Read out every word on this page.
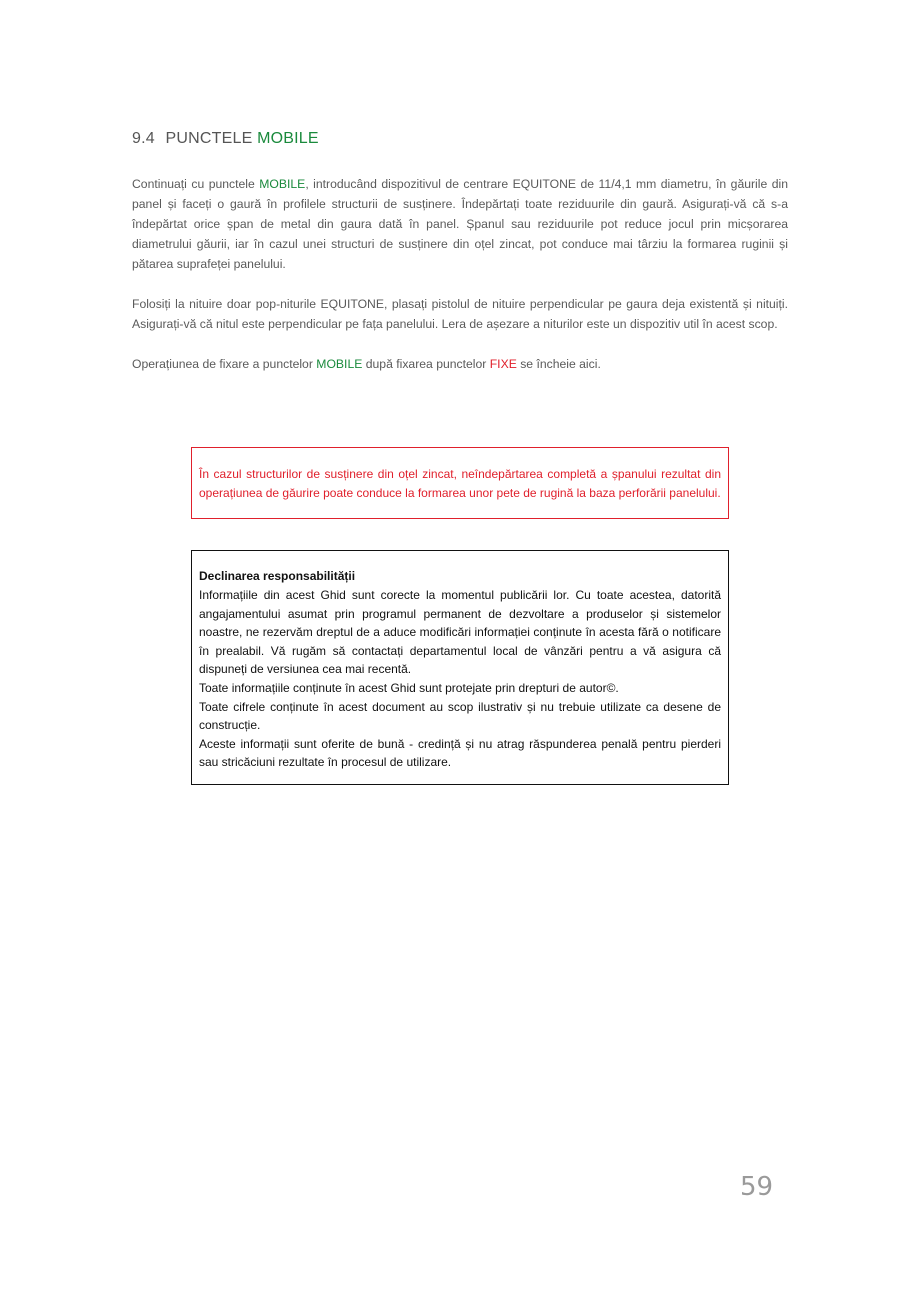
9.4 PUNCTELE MOBILE

Continuați cu punctele MOBILE, introducând dispozitivul de centrare EQUITONE de 11/4,1 mm diametru, în găurile din panel și faceți o gaură în profilele structurii de susținere. Îndepărtați toate reziduurile din gaură. Asigurați-vă că s-a îndepărtat orice șpan de metal din gaura dată în panel. Șpanul sau reziduurile pot reduce jocul prin micșorarea diametrului găurii, iar în cazul unei structuri de susținere din oțel zincat, pot conduce mai târziu la formarea ruginii și pătarea suprafeței panelului.

Folosiți la nituire doar pop-niturile EQUITONE, plasați pistolul de nituire perpendicular pe gaura deja existentă și nituiți. Asigurați-vă că nitul este perpendicular pe fața panelului. Lera de așezare a niturilor este un dispozitiv util în acest scop.

Operațiunea de fixare a punctelor MOBILE după fixarea punctelor FIXE se încheie aici.

În cazul structurilor de susținere din oțel zincat, neîndepărtarea completă a șpanului rezultat din operațiunea de găurire poate conduce la formarea unor pete de rugină la baza perforării panelului.

Declinarea responsabilității

Informațiile din acest Ghid sunt corecte la momentul publicării lor. Cu toate acestea, datorită angajamentului asumat prin programul permanent de dezvoltare a produselor și sistemelor noastre, ne rezervăm dreptul de a aduce modificări informației conținute în acesta fără o notificare în prealabil. Vă rugăm să contactați departamentul local de vânzări pentru a vă asigura că dispuneți de versiunea cea mai recentă.

Toate informațiile conținute în acest Ghid sunt protejate prin drepturi de autor©.

Toate cifrele conținute în acest document au scop ilustrativ și nu trebuie utilizate ca desene de construcție.

Aceste informații sunt oferite de bună - credință și nu atrag răspunderea penală pentru pierderi sau stricăciuni rezultate în procesul de utilizare.

59
